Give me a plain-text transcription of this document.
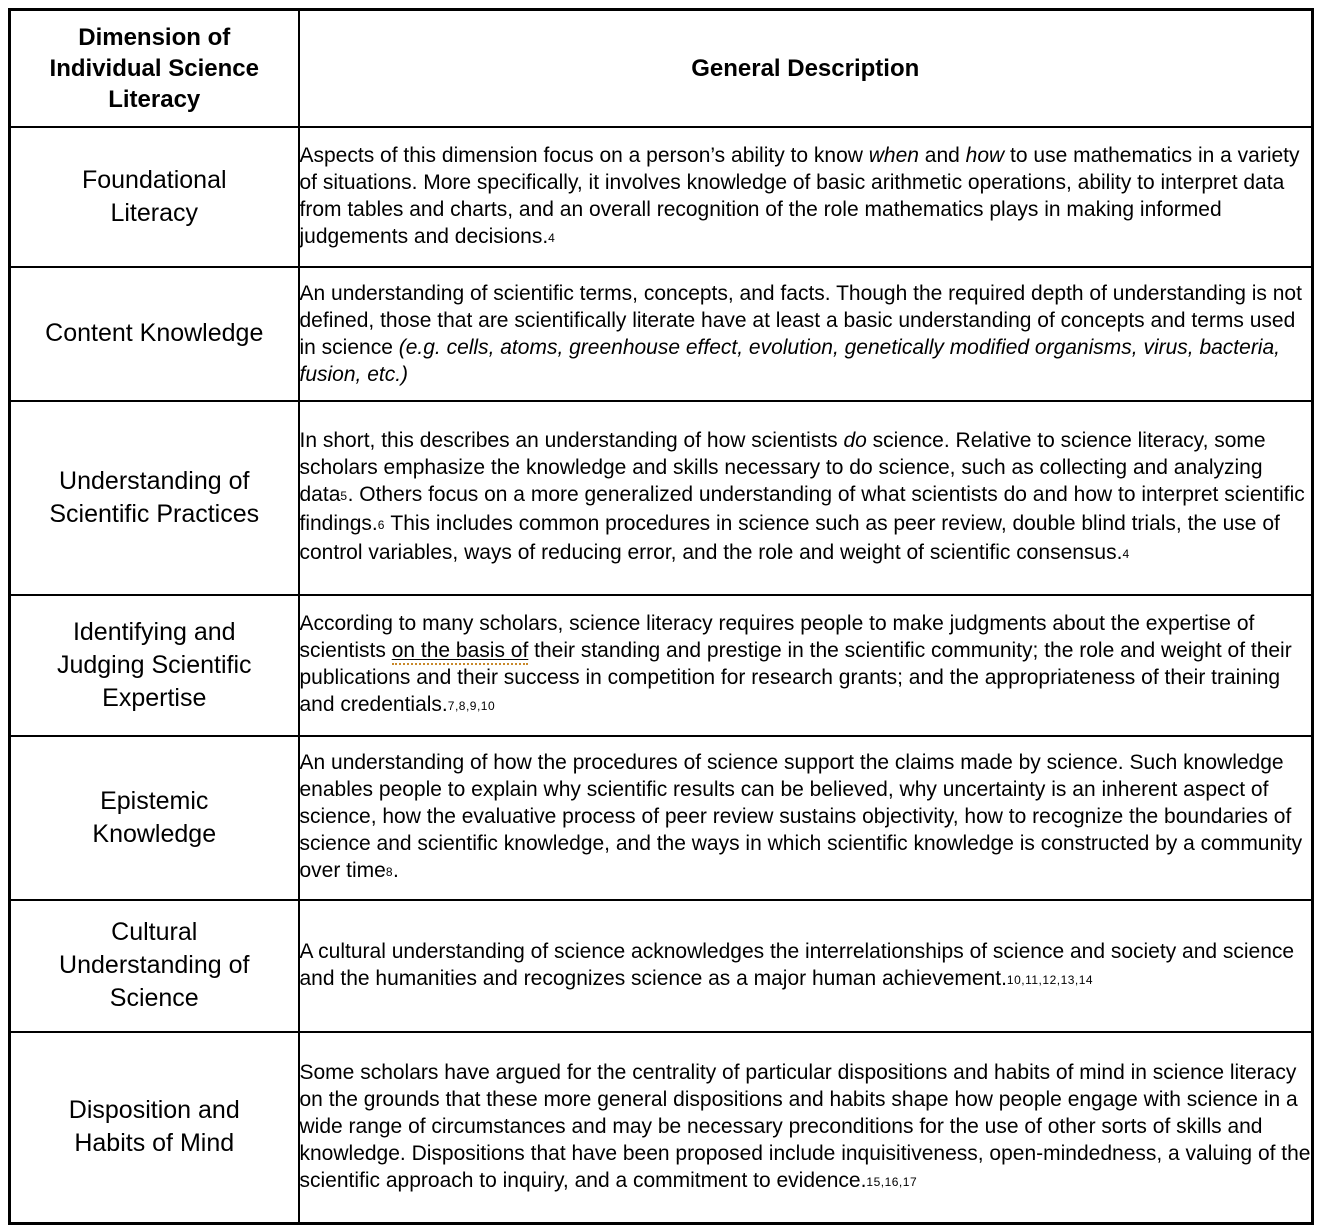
Dimension of Individual Science Literacy	General Description

Foundational Literacy	Aspects of this dimension focus on a person’s ability to know when and how to use mathematics in a variety of situations. More specifically, it involves knowledge of basic arithmetic operations, ability to interpret data from tables and charts, and an overall recognition of the role mathematics plays in making informed judgements and decisions.4

Content Knowledge	An understanding of scientific terms, concepts, and facts. Though the required depth of understanding is not defined, those that are scientifically literate have at least a basic understanding of concepts and terms used in science (e.g. cells, atoms, greenhouse effect, evolution, genetically modified organisms, virus, bacteria, fusion, etc.)

Understanding of Scientific Practices	In short, this describes an understanding of how scientists do science. Relative to science literacy, some scholars emphasize the knowledge and skills necessary to do science, such as collecting and analyzing data5. Others focus on a more generalized understanding of what scientists do and how to interpret scientific findings.6 This includes common procedures in science such as peer review, double blind trials, the use of control variables, ways of reducing error, and the role and weight of scientific consensus.4

Identifying and Judging Scientific Expertise	According to many scholars, science literacy requires people to make judgments about the expertise of scientists on the basis of their standing and prestige in the scientific community; the role and weight of their publications and their success in competition for research grants; and the appropriateness of their training and credentials.7,8,9,10

Epistemic Knowledge	An understanding of how the procedures of science support the claims made by science. Such knowledge enables people to explain why scientific results can be believed, why uncertainty is an inherent aspect of science, how the evaluative process of peer review sustains objectivity, how to recognize the boundaries of science and scientific knowledge, and the ways in which scientific knowledge is constructed by a community over time8.

Cultural Understanding of Science	A cultural understanding of science acknowledges the interrelationships of science and society and science and the humanities and recognizes science as a major human achievement.10,11,12,13,14

Disposition and Habits of Mind	Some scholars have argued for the centrality of particular dispositions and habits of mind in science literacy on the grounds that these more general dispositions and habits shape how people engage with science in a wide range of circumstances and may be necessary preconditions for the use of other sorts of skills and knowledge. Dispositions that have been proposed include inquisitiveness, open-mindedness, a valuing of the scientific approach to inquiry, and a commitment to evidence.15,16,17
